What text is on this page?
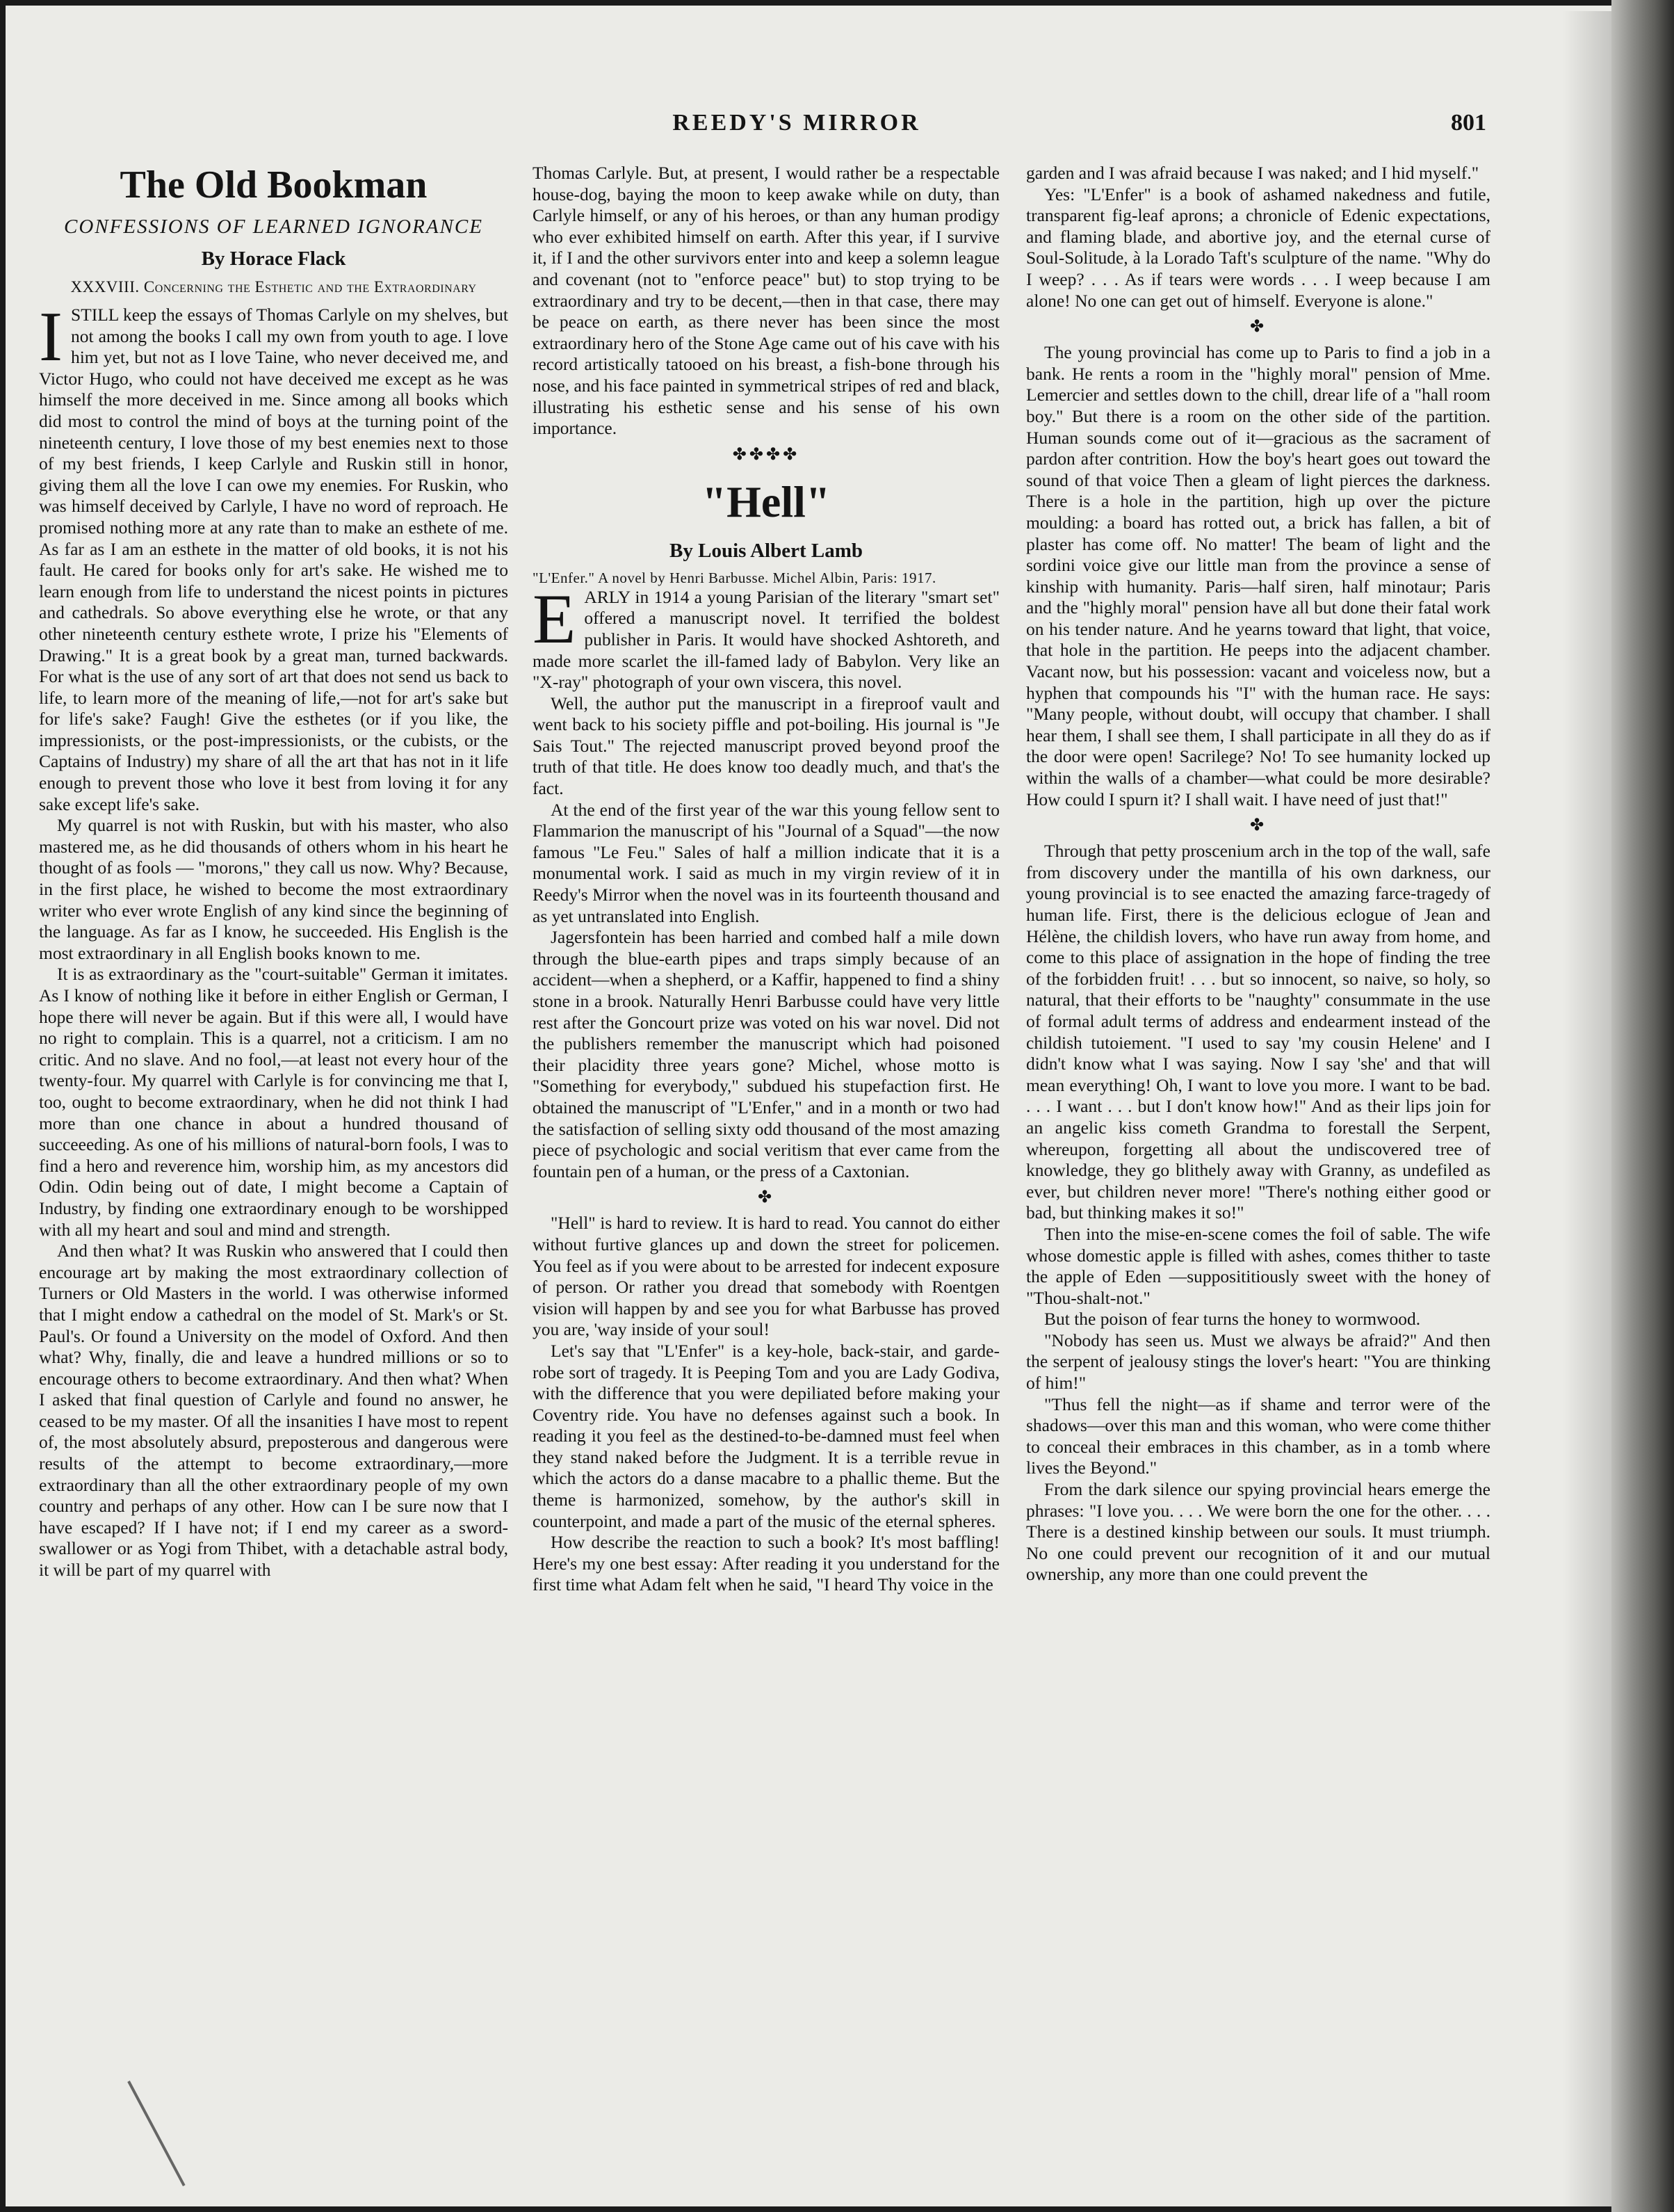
REEDY'S MIRROR	801
The Old Bookman
CONFESSIONS OF LEARNED IGNORANCE
By Horace Flack
XXXVIII. Concerning the Esthetic and the Extraordinary

ISTILL keep the essays of Thomas Carlyle on my shelves, but not among the books I call my own from youth to age. I love him yet, but not as I love Taine, who never deceived me, and Victor Hugo, who could not have deceived me except as he was himself the more deceived in me. Since among all books which did most to control the mind of boys at the turning point of the nineteenth century, I love those of my best enemies next to those of my best friends, I keep Carlyle and Ruskin still in honor, giving them all the love I can owe my enemies. For Ruskin, who was himself deceived by Carlyle, I have no word of reproach. He promised nothing more at any rate than to make an esthete of me. As far as I am an esthete in the matter of old books, it is not his fault. He cared for books only for art's sake. He wished me to learn enough from life to understand the nicest points in pictures and cathedrals. So above everything else he wrote, or that any other nineteenth century esthete wrote, I prize his "Elements of Drawing." It is a great book by a great man, turned backwards. For what is the use of any sort of art that does not send us back to life, to learn more of the meaning of life,—not for art's sake but for life's sake? Faugh! Give the esthetes (or if you like, the impressionists, or the post-impressionists, or the cubists, or the Captains of Industry) my share of all the art that has not in it life enough to prevent those who love it best from loving it for any sake except life's sake.

My quarrel is not with Ruskin, but with his master, who also mastered me, as he did thousands of others whom in his heart he thought of as fools — "morons," they call us now. Why? Because, in the first place, he wished to become the most extraordinary writer who ever wrote English of any kind since the beginning of the language. As far as I know, he succeeded. His English is the most extraordinary in all English books known to me.

It is as extraordinary as the "court-suitable" German it imitates. As I know of nothing like it before in either English or German, I hope there will never be again. But if this were all, I would have no right to complain. This is a quarrel, not a criticism. I am no critic. And no slave. And no fool,—at least not every hour of the twenty-four. My quarrel with Carlyle is for convincing me that I, too, ought to become extraordinary, when he did not think I had more than one chance in about a hundred thousand of succeeeding. As one of his millions of natural-born fools, I was to find a hero and reverence him, worship him, as my ancestors did Odin. Odin being out of date, I might become a Captain of Industry, by finding one extraordinary enough to be worshipped with all my heart and soul and mind and strength.

And then what? It was Ruskin who answered that I could then encourage art by making the most extraordinary collection of Turners or Old Masters in the world. I was otherwise informed that I might endow a cathedral on the model of St. Mark's or St. Paul's. Or found a University on the model of Oxford. And then what? Why, finally, die and leave a hundred millions or so to encourage others to become extraordinary. And then what? When I asked that final question of Carlyle and found no answer, he ceased to be my master. Of all the insanities I have most to repent of, the most absolutely absurd, preposterous and dangerous were results of the attempt to become extraordinary,—more extraordinary than all the other extraordinary people of my own country and perhaps of any other. How can I be sure now that I have escaped? If I have not; if I end my career as a sword-swallower or as Yogi from Thibet, with a detachable astral body, it will be part of my quarrel with

Thomas Carlyle. But, at present, I would rather be a respectable house-dog, baying the moon to keep awake while on duty, than Carlyle himself, or any of his heroes, or than any human prodigy who ever exhibited himself on earth. After this year, if I survive it, if I and the other survivors enter into and keep a solemn league and covenant (not to "enforce peace" but) to stop trying to be extraordinary and try to be decent,—then in that case, there may be peace on earth, as there never has been since the most extraordinary hero of the Stone Age came out of his cave with his record artistically tatooed on his breast, a fish-bone through his nose, and his face painted in symmetrical stripes of red and black, illustrating his esthetic sense and his sense of his own importance.

✤✤✤✤
"Hell"
By Louis Albert Lamb

"L'Enfer." A novel by Henri Barbusse. Michel Albin, Paris: 1917.

EARLY in 1914 a young Parisian of the literary "smart set" offered a manuscript novel. It terrified the boldest publisher in Paris. It would have shocked Ashtoreth, and made more scarlet the ill-famed lady of Babylon. Very like an "X-ray" photograph of your own viscera, this novel.

Well, the author put the manuscript in a fireproof vault and went back to his society piffle and pot-boiling. His journal is "Je Sais Tout." The rejected manuscript proved beyond proof the truth of that title. He does know too deadly much, and that's the fact.

At the end of the first year of the war this young fellow sent to Flammarion the manuscript of his "Journal of a Squad"—the now famous "Le Feu." Sales of half a million indicate that it is a monumental work. I said as much in my virgin review of it in Reedy's Mirror when the novel was in its fourteenth thousand and as yet untranslated into English.

Jagersfontein has been harried and combed half a mile down through the blue-earth pipes and traps simply because of an accident—when a shepherd, or a Kaffir, happened to find a shiny stone in a brook. Naturally Henri Barbusse could have very little rest after the Goncourt prize was voted on his war novel. Did not the publishers remember the manuscript which had poisoned their placidity three years gone? Michel, whose motto is "Something for everybody," subdued his stupefaction first. He obtained the manuscript of "L'Enfer," and in a month or two had the satisfaction of selling sixty odd thousand of the most amazing piece of psychologic and social veritism that ever came from the fountain pen of a human, or the press of a Caxtonian.

✤

"Hell" is hard to review. It is hard to read. You cannot do either without furtive glances up and down the street for policemen. You feel as if you were about to be arrested for indecent exposure of person. Or rather you dread that somebody with Roentgen vision will happen by and see you for what Barbusse has proved you are, 'way inside of your soul!

Let's say that "L'Enfer" is a key-hole, back-stair, and garde-robe sort of tragedy. It is Peeping Tom and you are Lady Godiva, with the difference that you were depiliated before making your Coventry ride. You have no defenses against such a book. In reading it you feel as the destined-to-be-damned must feel when they stand naked before the Judgment. It is a terrible revue in which the actors do a danse macabre to a phallic theme. But the theme is harmonized, somehow, by the author's skill in counterpoint, and made a part of the music of the eternal spheres.

How describe the reaction to such a book? It's most baffling! Here's my one best essay: After reading it you understand for the first time what Adam felt when he said, "I heard Thy voice in the

garden and I was afraid because I was naked; and I hid myself."

Yes: "L'Enfer" is a book of ashamed nakedness and futile, transparent fig-leaf aprons; a chronicle of Edenic expectations, and flaming blade, and abortive joy, and the eternal curse of Soul-Solitude, à la Lorado Taft's sculpture of the name. "Why do I weep? . . . As if tears were words . . . I weep because I am alone! No one can get out of himself. Everyone is alone."

✤

The young provincial has come up to Paris to find a job in a bank. He rents a room in the "highly moral" pension of Mme. Lemercier and settles down to the chill, drear life of a "hall room boy." But there is a room on the other side of the partition. Human sounds come out of it—gracious as the sacrament of pardon after contrition. How the boy's heart goes out toward the sound of that voice Then a gleam of light pierces the darkness. There is a hole in the partition, high up over the picture moulding: a board has rotted out, a brick has fallen, a bit of plaster has come off. No matter! The beam of light and the sordini voice give our little man from the province a sense of kinship with humanity. Paris—half siren, half minotaur; Paris and the "highly moral" pension have all but done their fatal work on his tender nature. And he yearns toward that light, that voice, that hole in the partition. He peeps into the adjacent chamber. Vacant now, but his possession: vacant and voiceless now, but a hyphen that compounds his "I" with the human race. He says: "Many people, without doubt, will occupy that chamber. I shall hear them, I shall see them, I shall participate in all they do as if the door were open! Sacrilege? No! To see humanity locked up within the walls of a chamber—what could be more desirable? How could I spurn it? I shall wait. I have need of just that!"

✤

Through that petty proscenium arch in the top of the wall, safe from discovery under the mantilla of his own darkness, our young provincial is to see enacted the amazing farce-tragedy of human life. First, there is the delicious eclogue of Jean and Hélène, the childish lovers, who have run away from home, and come to this place of assignation in the hope of finding the tree of the forbidden fruit! . . . but so innocent, so naive, so holy, so natural, that their efforts to be "naughty" consummate in the use of formal adult terms of address and endearment instead of the childish tutoiement. "I used to say 'my cousin Helene' and I didn't know what I was saying. Now I say 'she' and that will mean everything! Oh, I want to love you more. I want to be bad. . . . I want . . . but I don't know how!" And as their lips join for an angelic kiss cometh Grandma to forestall the Serpent, whereupon, forgetting all about the undiscovered tree of knowledge, they go blithely away with Granny, as undefiled as ever, but children never more! "There's nothing either good or bad, but thinking makes it so!"

Then into the mise-en-scene comes the foil of sable. The wife whose domestic apple is filled with ashes, comes thither to taste the apple of Eden —supposititiously sweet with the honey of "Thou-shalt-not."

But the poison of fear turns the honey to wormwood.

"Nobody has seen us. Must we always be afraid?" And then the serpent of jealousy stings the lover's heart: "You are thinking of him!"

"Thus fell the night—as if shame and terror were of the shadows—over this man and this woman, who were come thither to conceal their embraces in this chamber, as in a tomb where lives the Beyond."

From the dark silence our spying provincial hears emerge the phrases: "I love you. . . . We were born the one for the other. . . . There is a destined kinship between our souls. It must triumph. No one could prevent our recognition of it and our mutual ownership, any more than one could prevent the
